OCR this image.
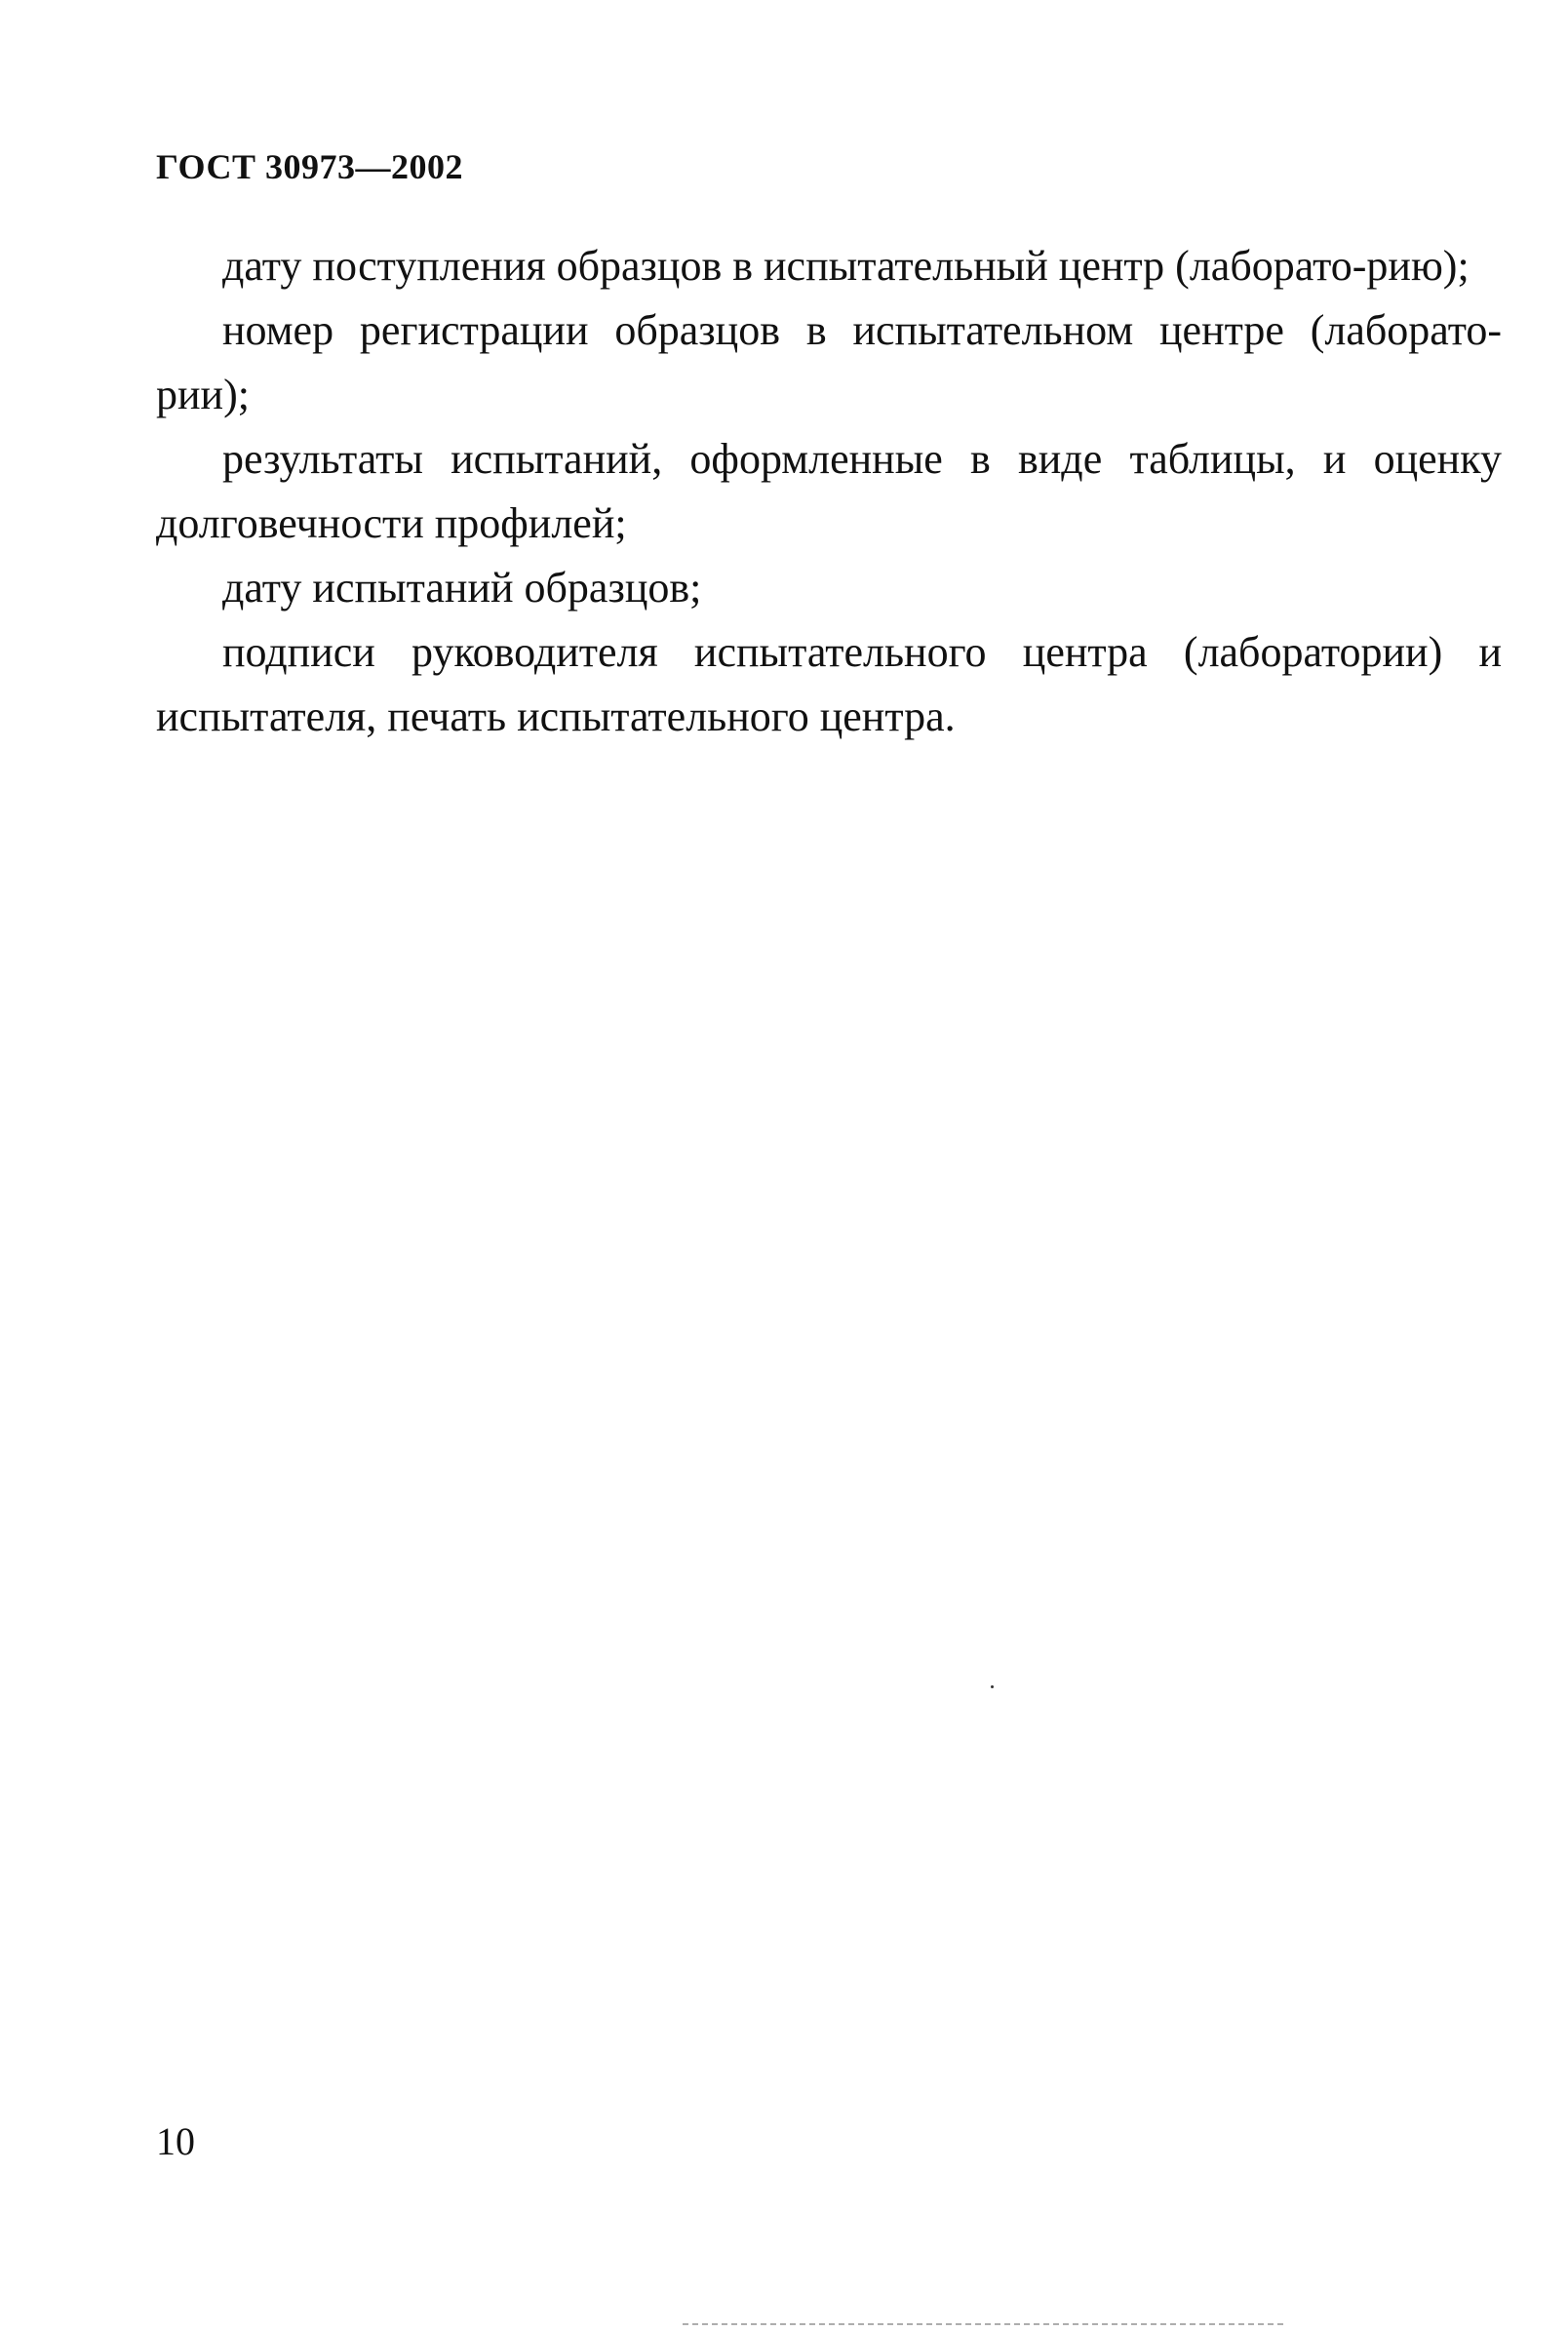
ГОСТ 30973—2002

дату поступления образцов в испытательный центр (лаборато-рию);

номер регистрации образцов в испытательном центре (лаборато-рии);

результаты испытаний, оформленные в виде таблицы, и оценку долговечности профилей;

дату испытаний образцов;

подписи руководителя испытательного центра (лаборатории) и испытателя, печать испытательного центра.

10
